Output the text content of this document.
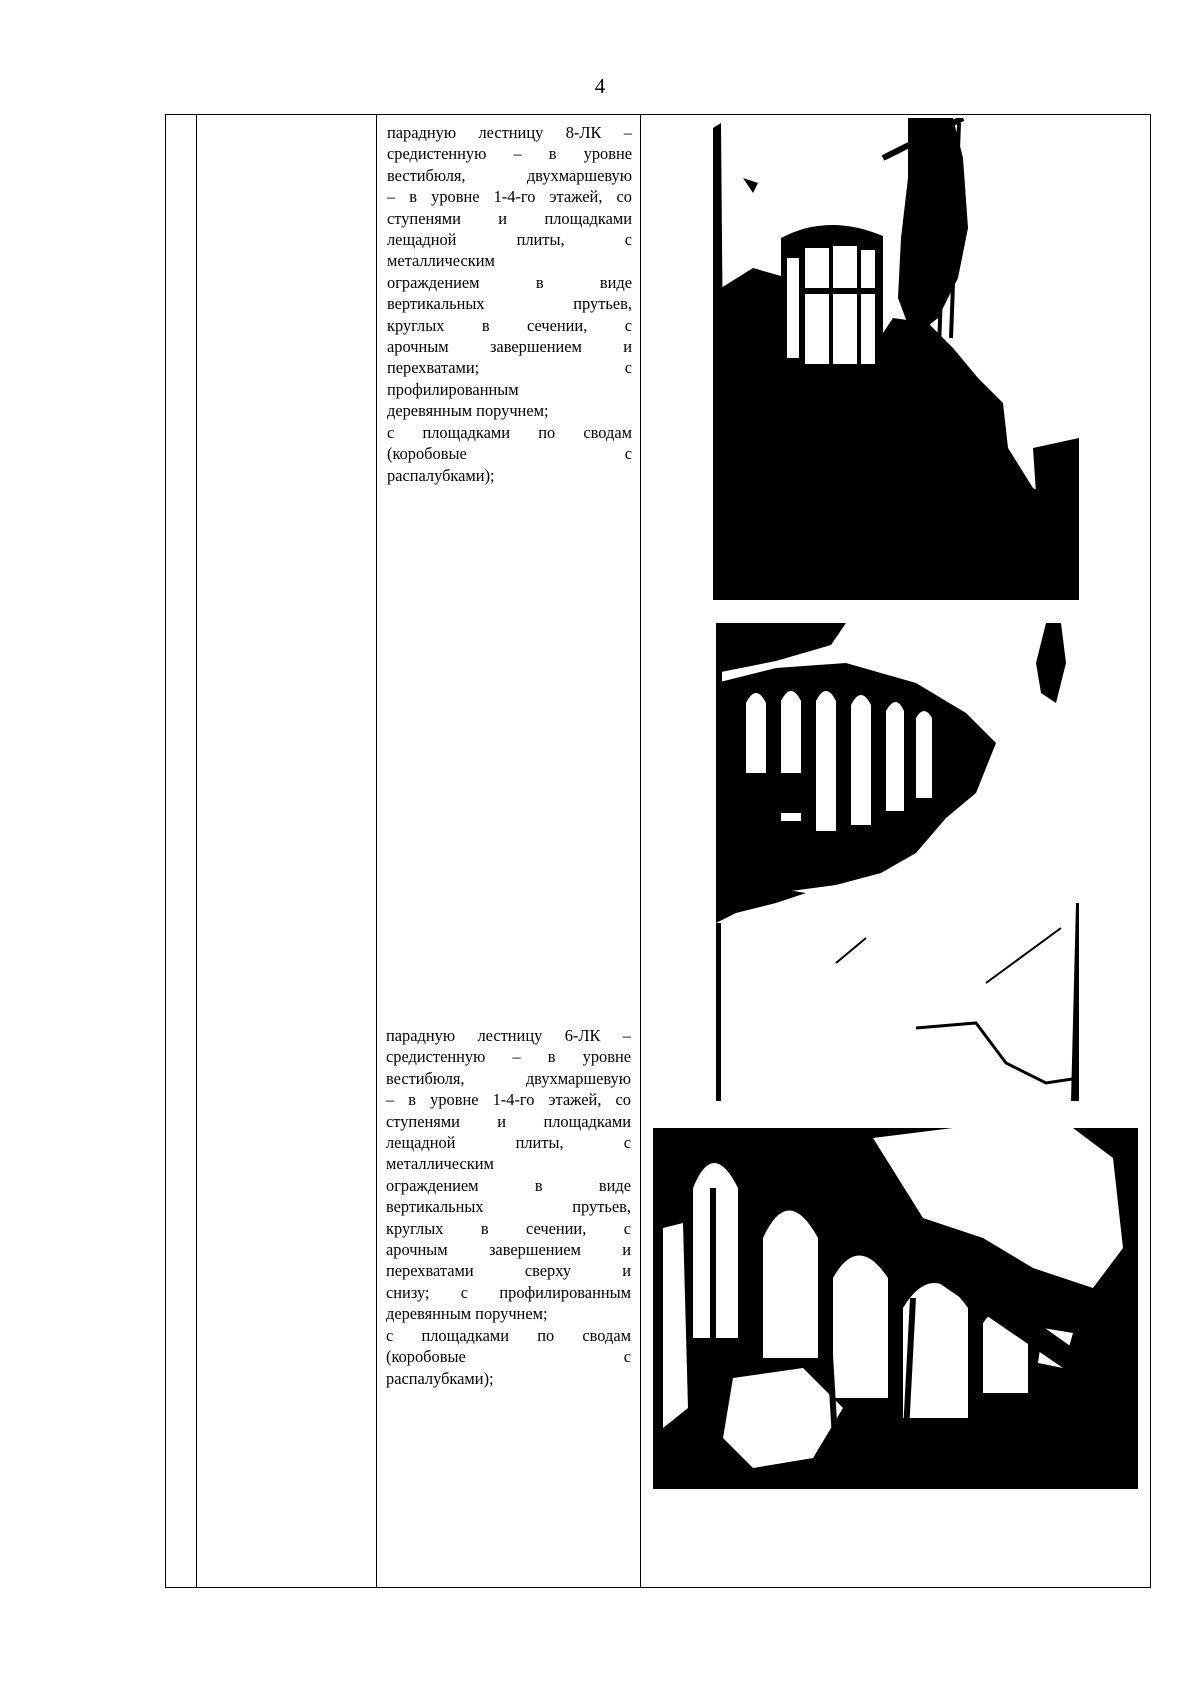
4

парадную лестницу 8-ЛК –

средистенную – в уровне

вестибюля, двухмаршевую

– в уровне 1-4-го этажей, со

ступенями и площадками

лещадной плиты, с

металлическим

ограждением в виде

вертикальных прутьев,

круглых в сечении, с

арочным завершением и

перехватами; с

профилированным

деревянным поручнем;

с площадками по сводам

(коробовые с

распалубками);

парадную лестницу 6-ЛК –

средистенную – в уровне

вестибюля, двухмаршевую

– в уровне 1-4-го этажей, со

ступенями и площадками

лещадной плиты, с

металлическим

ограждением в виде

вертикальных прутьев,

круглых в сечении, с

арочным завершением и

перехватами сверху и

снизу; с профилированным

деревянным поручнем;

с площадками по сводам

(коробовые с

распалубками);
